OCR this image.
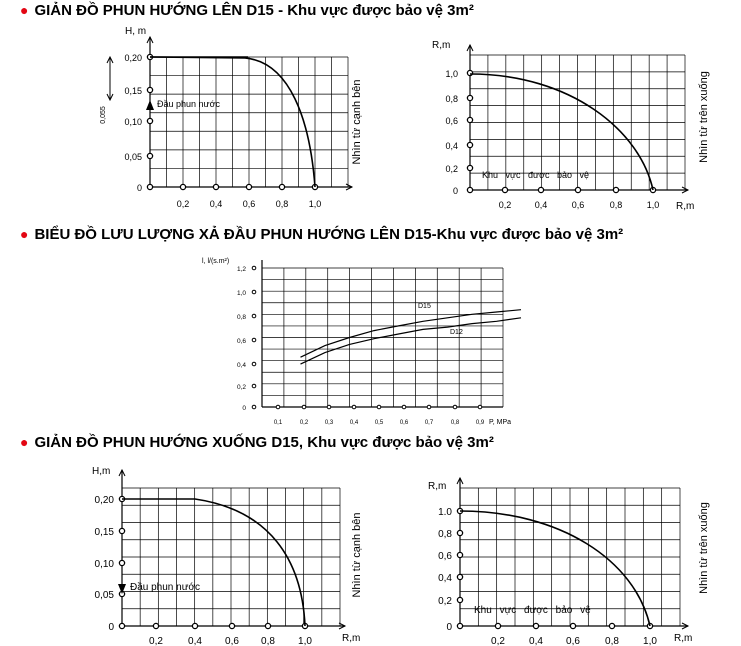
● GIẢN ĐỒ PHUN HƯỚNG LÊN D15 - Khu vực được bảo vệ 3m²
● BIỂU ĐỒ LƯU LƯỢNG XẢ ĐẦU PHUN HƯỚNG LÊN D15-Khu vực được bảo vệ 3m²
● GIẢN ĐỒ PHUN HƯỚNG XUỐNG D15, Khu vực được bảo vệ 3m²
0,2 0,4 0,6 0,8 1,0
0,20
0,15
0,10
0,05
0
H, m
Đầu phun nước
0,055	Nhìn từ cạnh bên
0,2	0,4	0,6	0,8	1,0
1,0
0,8
0,6
0,4
0,2
0
R,m
R,m
Khu vực được bảo vệ
Nhìn từ trên xuống
l, l/(s.m²)
P, MPa
0,1	0,2	0,3	0,4	0,5	0,6	0,7	0,8	0,9
1,2
1,0
0,8
0,6
0,4
0,2
0
D15
D12
0,2	0,4 0,6 0,8 1,0
0,20
0,15
0,10
0,05
0
H,m
R,m
Đầu phun nước	Nhìn từ cạnh bên
0,2 0,4 0,6	0,8 1,0
1.0
0,8
0,6
0,4
0,2
0
R,m
R,m
Khu vực được bảo vệ
Nhìn từ trên xuống
